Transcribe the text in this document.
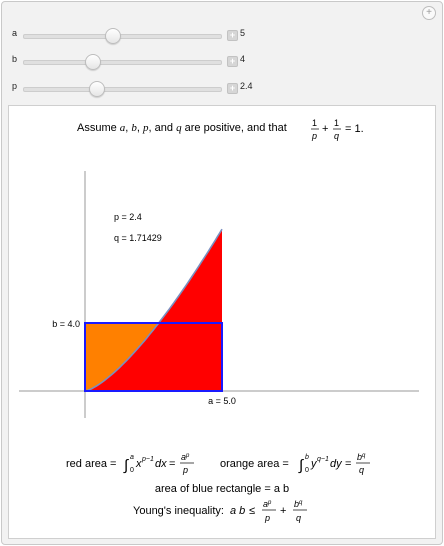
+
a	+ 5
b	+ 4
p	+ 2.4
Assume a, b, p, and q are positive, and that	1
p
+ 1
q
= 1.
p = 2.4
q = 1.71429
b = 4.0
a = 5.0
red area = ∫ a
0
x p−1 dx =
$a^p$
p	orange area = ∫ b
0
y q−1 dy =
$b^q$
q
area of blue rectangle = a b
Young's inequality: a b ≤
$a^p$
p
+
$b^q$
q
